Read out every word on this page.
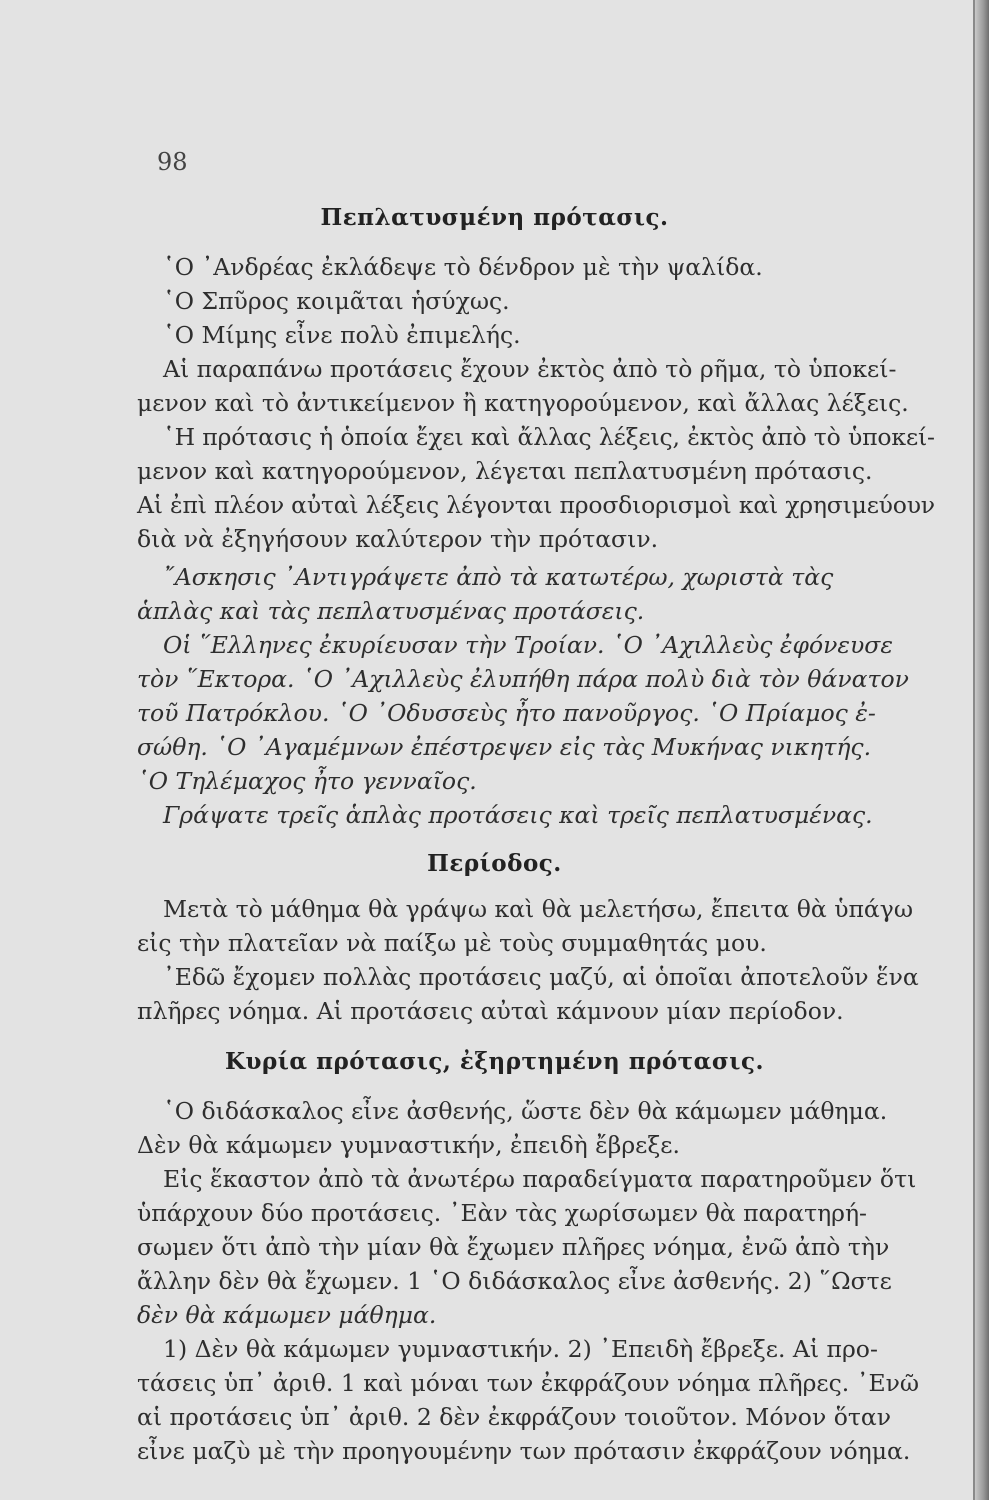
98
Πεπλατυσμένη πρότασις.
῾Ο ᾿Ανδρέας ἐκλάδεψε τὸ δένδρον μὲ τὴν ψαλίδα.
῾Ο Σπῦρος κοιμᾶται ἡσύχως.
῾Ο Μίμης εἶνε πολὺ ἐπιμελής.
Αἱ παραπάνω προτάσεις ἔχουν ἐκτὸς ἀπὸ τὸ ρῆμα, τὸ ὑποκεί-
μενον καὶ τὸ ἀντικείμενον ἢ κατηγορούμενον, καὶ ἄλλας λέξεις.
῾Η πρότασις ἡ ὁποία ἔχει καὶ ἄλλας λέξεις, ἐκτὸς ἀπὸ τὸ ὑποκεί-
μενον καὶ κατηγορούμενον, λέγεται πεπλατυσμένη πρότασις.
Αἱ ἐπὶ πλέον αὐταὶ λέξεις λέγονται προσδιορισμοὶ καὶ χρησιμεύουν
διὰ νὰ ἐξηγήσουν καλύτερον τὴν πρότασιν.
῎Ασκησις ᾿Αντιγράψετε ἀπὸ τὰ κατωτέρω, χωριστὰ τὰς
ἁπλὰς καὶ τὰς πεπλατυσμένας προτάσεις.
Οἱ ῞Ελληνες ἐκυρίευσαν τὴν Τροίαν. ῾Ο ᾿Αχιλλεὺς ἐφόνευσε
τὸν ῞Εκτορα. ῾Ο ᾿Αχιλλεὺς ἐλυπήθη πάρα πολὺ διὰ τὸν θάνατον
τοῦ Πατρόκλου. ῾Ο ᾿Οδυσσεὺς ἦτο πανοῦργος. ῾Ο Πρίαμος ἐ-
σώθη. ῾Ο ᾿Αγαμέμνων ἐπέστρεψεν εἰς τὰς Μυκήνας νικητής.
῾Ο Τηλέμαχος ἦτο γενναῖος.
Γράψατε τρεῖς ἁπλὰς προτάσεις καὶ τρεῖς πεπλατυσμένας.
Περίοδος.
Μετὰ τὸ μάθημα θὰ γράψω καὶ θὰ μελετήσω, ἔπειτα θὰ ὑπάγω
εἰς τὴν πλατεῖαν νὰ παίξω μὲ τοὺς συμμαθητάς μου.
᾿Εδῶ ἔχομεν πολλὰς προτάσεις μαζύ, αἱ ὁποῖαι ἀποτελοῦν ἕνα
πλῆρες νόημα. Αἱ προτάσεις αὐταὶ κάμνουν μίαν περίοδον.
Κυρία πρότασις, ἐξηρτημένη πρότασις.
῾Ο διδάσκαλος εἶνε ἀσθενής, ὥστε δὲν θὰ κάμωμεν μάθημα.
Δὲν θὰ κάμωμεν γυμναστικήν, ἐπειδὴ ἔβρεξε.
Εἰς ἕκαστον ἀπὸ τὰ ἀνωτέρω παραδείγματα παρατηροῦμεν ὅτι
ὑπάρχουν δύο προτάσεις. ᾿Εὰν τὰς χωρίσωμεν θὰ παρατηρή-
σωμεν ὅτι ἀπὸ τὴν μίαν θὰ ἔχωμεν πλῆρες νόημα, ἐνῶ ἀπὸ τὴν
ἄλλην δὲν θὰ ἔχωμεν. 1 ῾Ο διδάσκαλος εἶνε ἀσθενής. 2) ῞Ωστε
δὲν θὰ κάμωμεν μάθημα.
1) Δὲν θὰ κάμωμεν γυμναστικήν. 2) ᾿Επειδὴ ἔβρεξε. Αἱ προ-
τάσεις ὑπ᾿ ἀριθ. 1 καὶ μόναι των ἐκφράζουν νόημα πλῆρες. ᾿Ενῶ
αἱ προτάσεις ὑπ᾿ ἀριθ. 2 δὲν ἐκφράζουν τοιοῦτον. Μόνον ὅταν
εἶνε μαζὺ μὲ τὴν προηγουμένην των πρότασιν ἐκφράζουν νόημα.
